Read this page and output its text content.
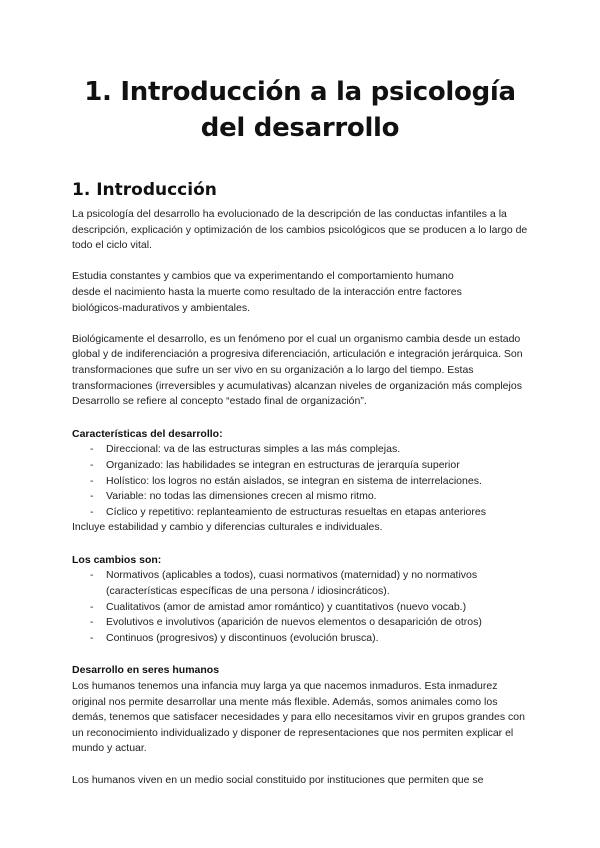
1. Introducción a la psicología
del desarrollo
1. Introducción

La psicología del desarrollo ha evolucionado de la descripción de las conductas infantiles a la descripción, explicación y optimización de los cambios psicológicos que se producen a lo largo de todo el ciclo vital.

Estudia constantes y cambios que va experimentando el comportamiento humano
desde el nacimiento hasta la muerte como resultado de la interacción entre factores
biológicos-madurativos y ambientales.

Biológicamente el desarrollo, es un fenómeno por el cual un organismo cambia desde un estado global y de indiferenciación a progresiva diferenciación, articulación e integración jerárquica. Son transformaciones que sufre un ser vivo en su organización a lo largo del tiempo. Estas transformaciones (irreversibles y acumulativas) alcanzan niveles de organización más complejos Desarrollo se refiere al concepto “estado final de organización”.

Características del desarrollo:

- Direccional: va de las estructuras simples a las más complejas.
- Organizado: las habilidades se integran en estructuras de jerarquía superior
- Holístico: los logros no están aislados, se integran en sistema de interrelaciones.
- Variable: no todas las dimensiones crecen al mismo ritmo.
- Cíclico y repetitivo: replanteamiento de estructuras resueltas en etapas anteriores

Incluye estabilidad y cambio y diferencias culturales e individuales.

Los cambios son:

- Normativos (aplicables a todos), cuasi normativos (maternidad) y no normativos (características específicas de una persona / idiosincráticos).
- Cualitativos (amor de amistad amor romántico) y cuantitativos (nuevo vocab.)
- Evolutivos e involutivos (aparición de nuevos elementos o desaparición de otros)
- Continuos (progresivos) y discontinuos (evolución brusca).

Desarrollo en seres humanos

Los humanos tenemos una infancia muy larga ya que nacemos inmaduros. Esta inmadurez original nos permite desarrollar una mente más flexible. Además, somos animales como los demás, tenemos que satisfacer necesidades y para ello necesitamos vivir en grupos grandes con un reconocimiento individualizado y disponer de representaciones que nos permiten explicar el mundo y actuar.

Los humanos viven en un medio social constituido por instituciones que permiten que se
